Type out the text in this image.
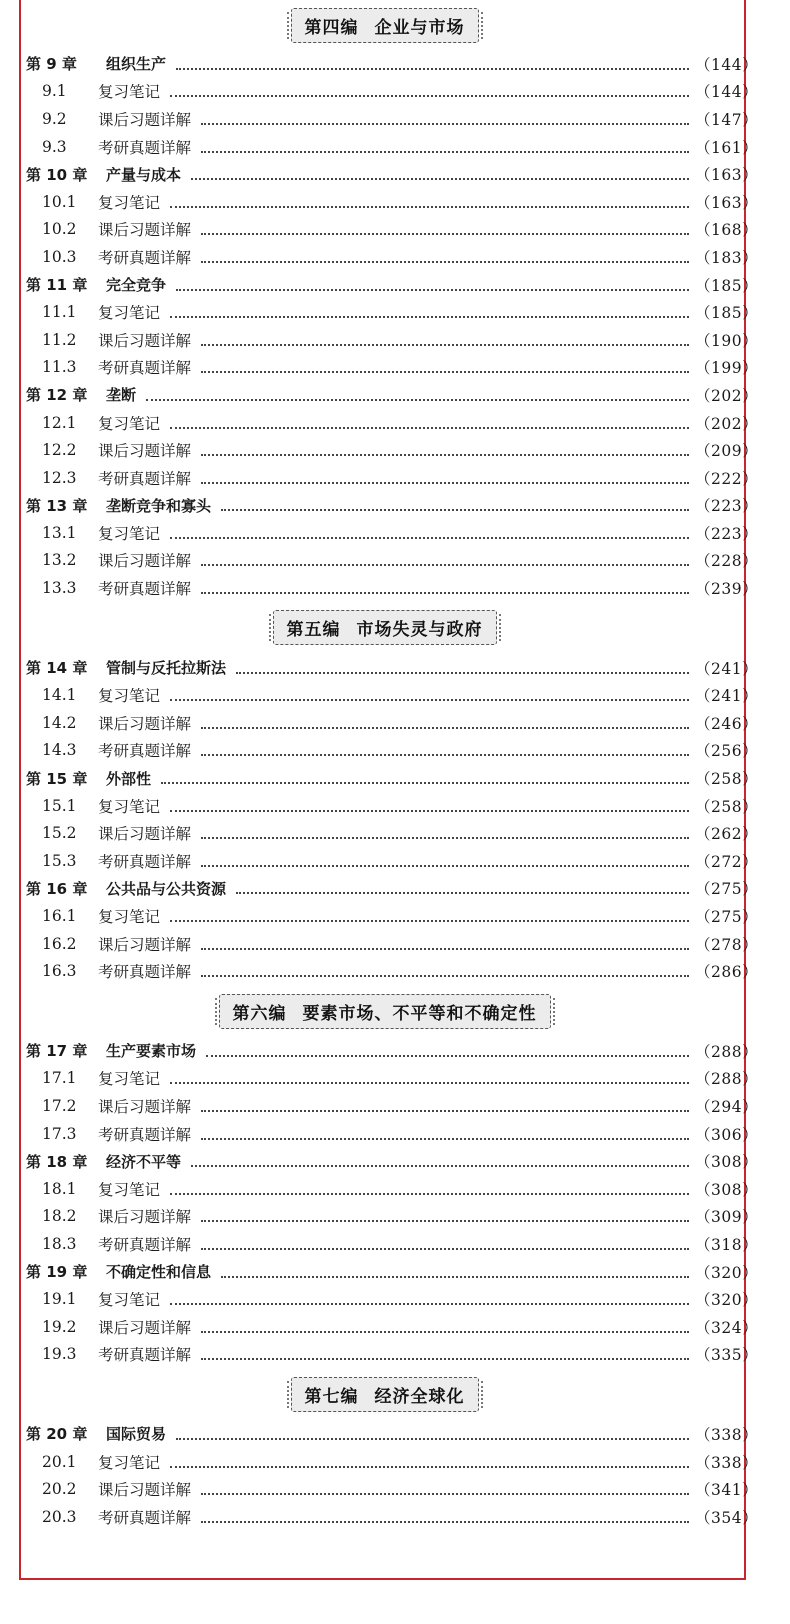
第四编 企业与市场
第 9 章	组织生产	（144）
9.1	复习笔记	（144）
9.2	课后习题详解	（147）
9.3	考研真题详解	（161）
第 10 章	产量与成本	（163）
10.1	复习笔记	（163）
10.2	课后习题详解	（168）
10.3	考研真题详解	（183）
第 11 章	完全竞争	（185）
11.1	复习笔记	（185）
11.2	课后习题详解	（190）
11.3	考研真题详解	（199）
第 12 章	垄断	（202）
12.1	复习笔记	（202）
12.2	课后习题详解	（209）
12.3	考研真题详解	（222）
第 13 章	垄断竞争和寡头	（223）
13.1	复习笔记	（223）
13.2	课后习题详解	（228）
13.3	考研真题详解	（239）
第五编 市场失灵与政府
第 14 章	管制与反托拉斯法	（241）
14.1	复习笔记	（241）
14.2	课后习题详解	（246）
14.3	考研真题详解	（256）
第 15 章	外部性	（258）
15.1	复习笔记	（258）
15.2	课后习题详解	（262）
15.3	考研真题详解	（272）
第 16 章	公共品与公共资源	（275）
16.1	复习笔记	（275）
16.2	课后习题详解	（278）
16.3	考研真题详解	（286）
第六编 要素市场、不平等和不确定性
第 17 章	生产要素市场	（288）
17.1	复习笔记	（288）
17.2	课后习题详解	（294）
17.3	考研真题详解	（306）
第 18 章	经济不平等	（308）
18.1	复习笔记	（308）
18.2	课后习题详解	（309）
18.3	考研真题详解	（318）
第 19 章	不确定性和信息	（320）
19.1	复习笔记	（320）
19.2	课后习题详解	（324）
19.3	考研真题详解	（335）
第七编 经济全球化
第 20 章	国际贸易	（338）
20.1	复习笔记	（338）
20.2	课后习题详解	（341）
20.3	考研真题详解	（354）
